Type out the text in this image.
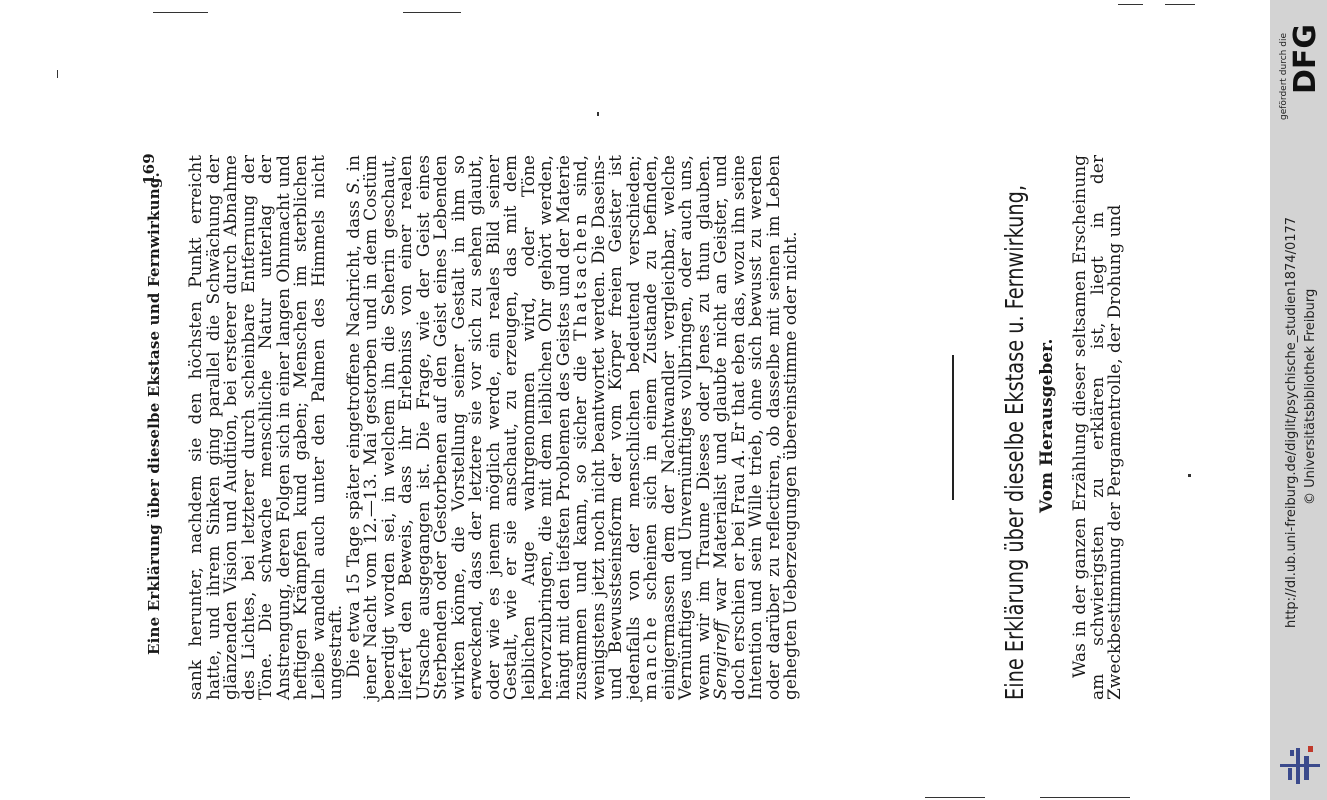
Eine Erklärung über dieselbe Ekstase und Fernwirkung.
169 sank herunter, nachdem sie den höchsten Punkt erreicht hatte, und ihrem Sinken ging parallel die Schwächung der glänzenden Vision und Audition, bei ersterer durch Abnahme des Lichtes, bei letzterer durch scheinbare Entfernung der Töne. Die schwache menschliche Natur unterlag der Anstrengung, deren Folgen sich in einer langen Ohnmacht und heftigen Krämpfen kund gaben; Menschen im sterblichen Leibe wandeln auch unter den Palmen des Himmels nicht ungestraft.

Die etwa 15 Tage später eingetroffene Nachricht, dass S. in jener Nacht vom 12.—13. Mai gestorben und in dem Costüm beerdigt worden sei, in welchem ihn die Seherin geschaut, liefert den Beweis, dass ihr Erlebniss von einer realen Ursache ausgegangen ist. Die Frage, wie der Geist eines Sterbenden oder Gestorbenen auf den Geist eines Lebenden wirken könne, die Vorstellung seiner Gestalt in ihm so erweckend, dass der letztere sie vor sich zu sehen glaubt, oder wie es jenem möglich werde, ein reales Bild seiner Gestalt, wie er sie anschaut, zu erzeugen, das mit dem leiblichen Auge wahrgenommen wird, oder Töne hervorzubringen, die mit dem leiblichen Ohr gehört werden, hängt mit den tiefsten Problemen des Geistes und der Materie zusammen und kann, so sicher die Thatsachen sind, wenigstens jetzt noch nicht beantwortet werden. Die Daseins- und Bewusstseinsform der vom Körper freien Geister ist jedenfalls von der menschlichen bedeutend verschieden; manche scheinen sich in einem Zustande zu befinden, einigermassen dem der Nachtwandler vergleichbar, welche Vernünftiges und Unvernünftiges vollbringen, oder auch uns, wenn wir im Traume Dieses oder Jenes zu thun glauben. Sengireff war Materialist und glaubte nicht an Geister, und doch erschien er bei Frau A. Er that eben das, wozu ihn seine Intention und sein Wille trieb, ohne sich bewusst zu werden oder darüber zu reflectiren, ob dasselbe mit seinen im Leben gehegten Ueberzeugungen übereinstimme oder nicht.	Eine Erklärung über dieselbe Ekstase u. Fernwirkung, Vom Herausgeber. Was in der ganzen Erzählung dieser seltsamen Erscheinung am schwierigsten zu erklären ist, liegt in der Zweckbestimmung der Pergamentrolle, der Drohung und

gefördert durch die DFG
http://dl.ub.uni-freiburg.de/diglit/psychische_studien1874/0177 © Universitätsbibliothek Freiburg
